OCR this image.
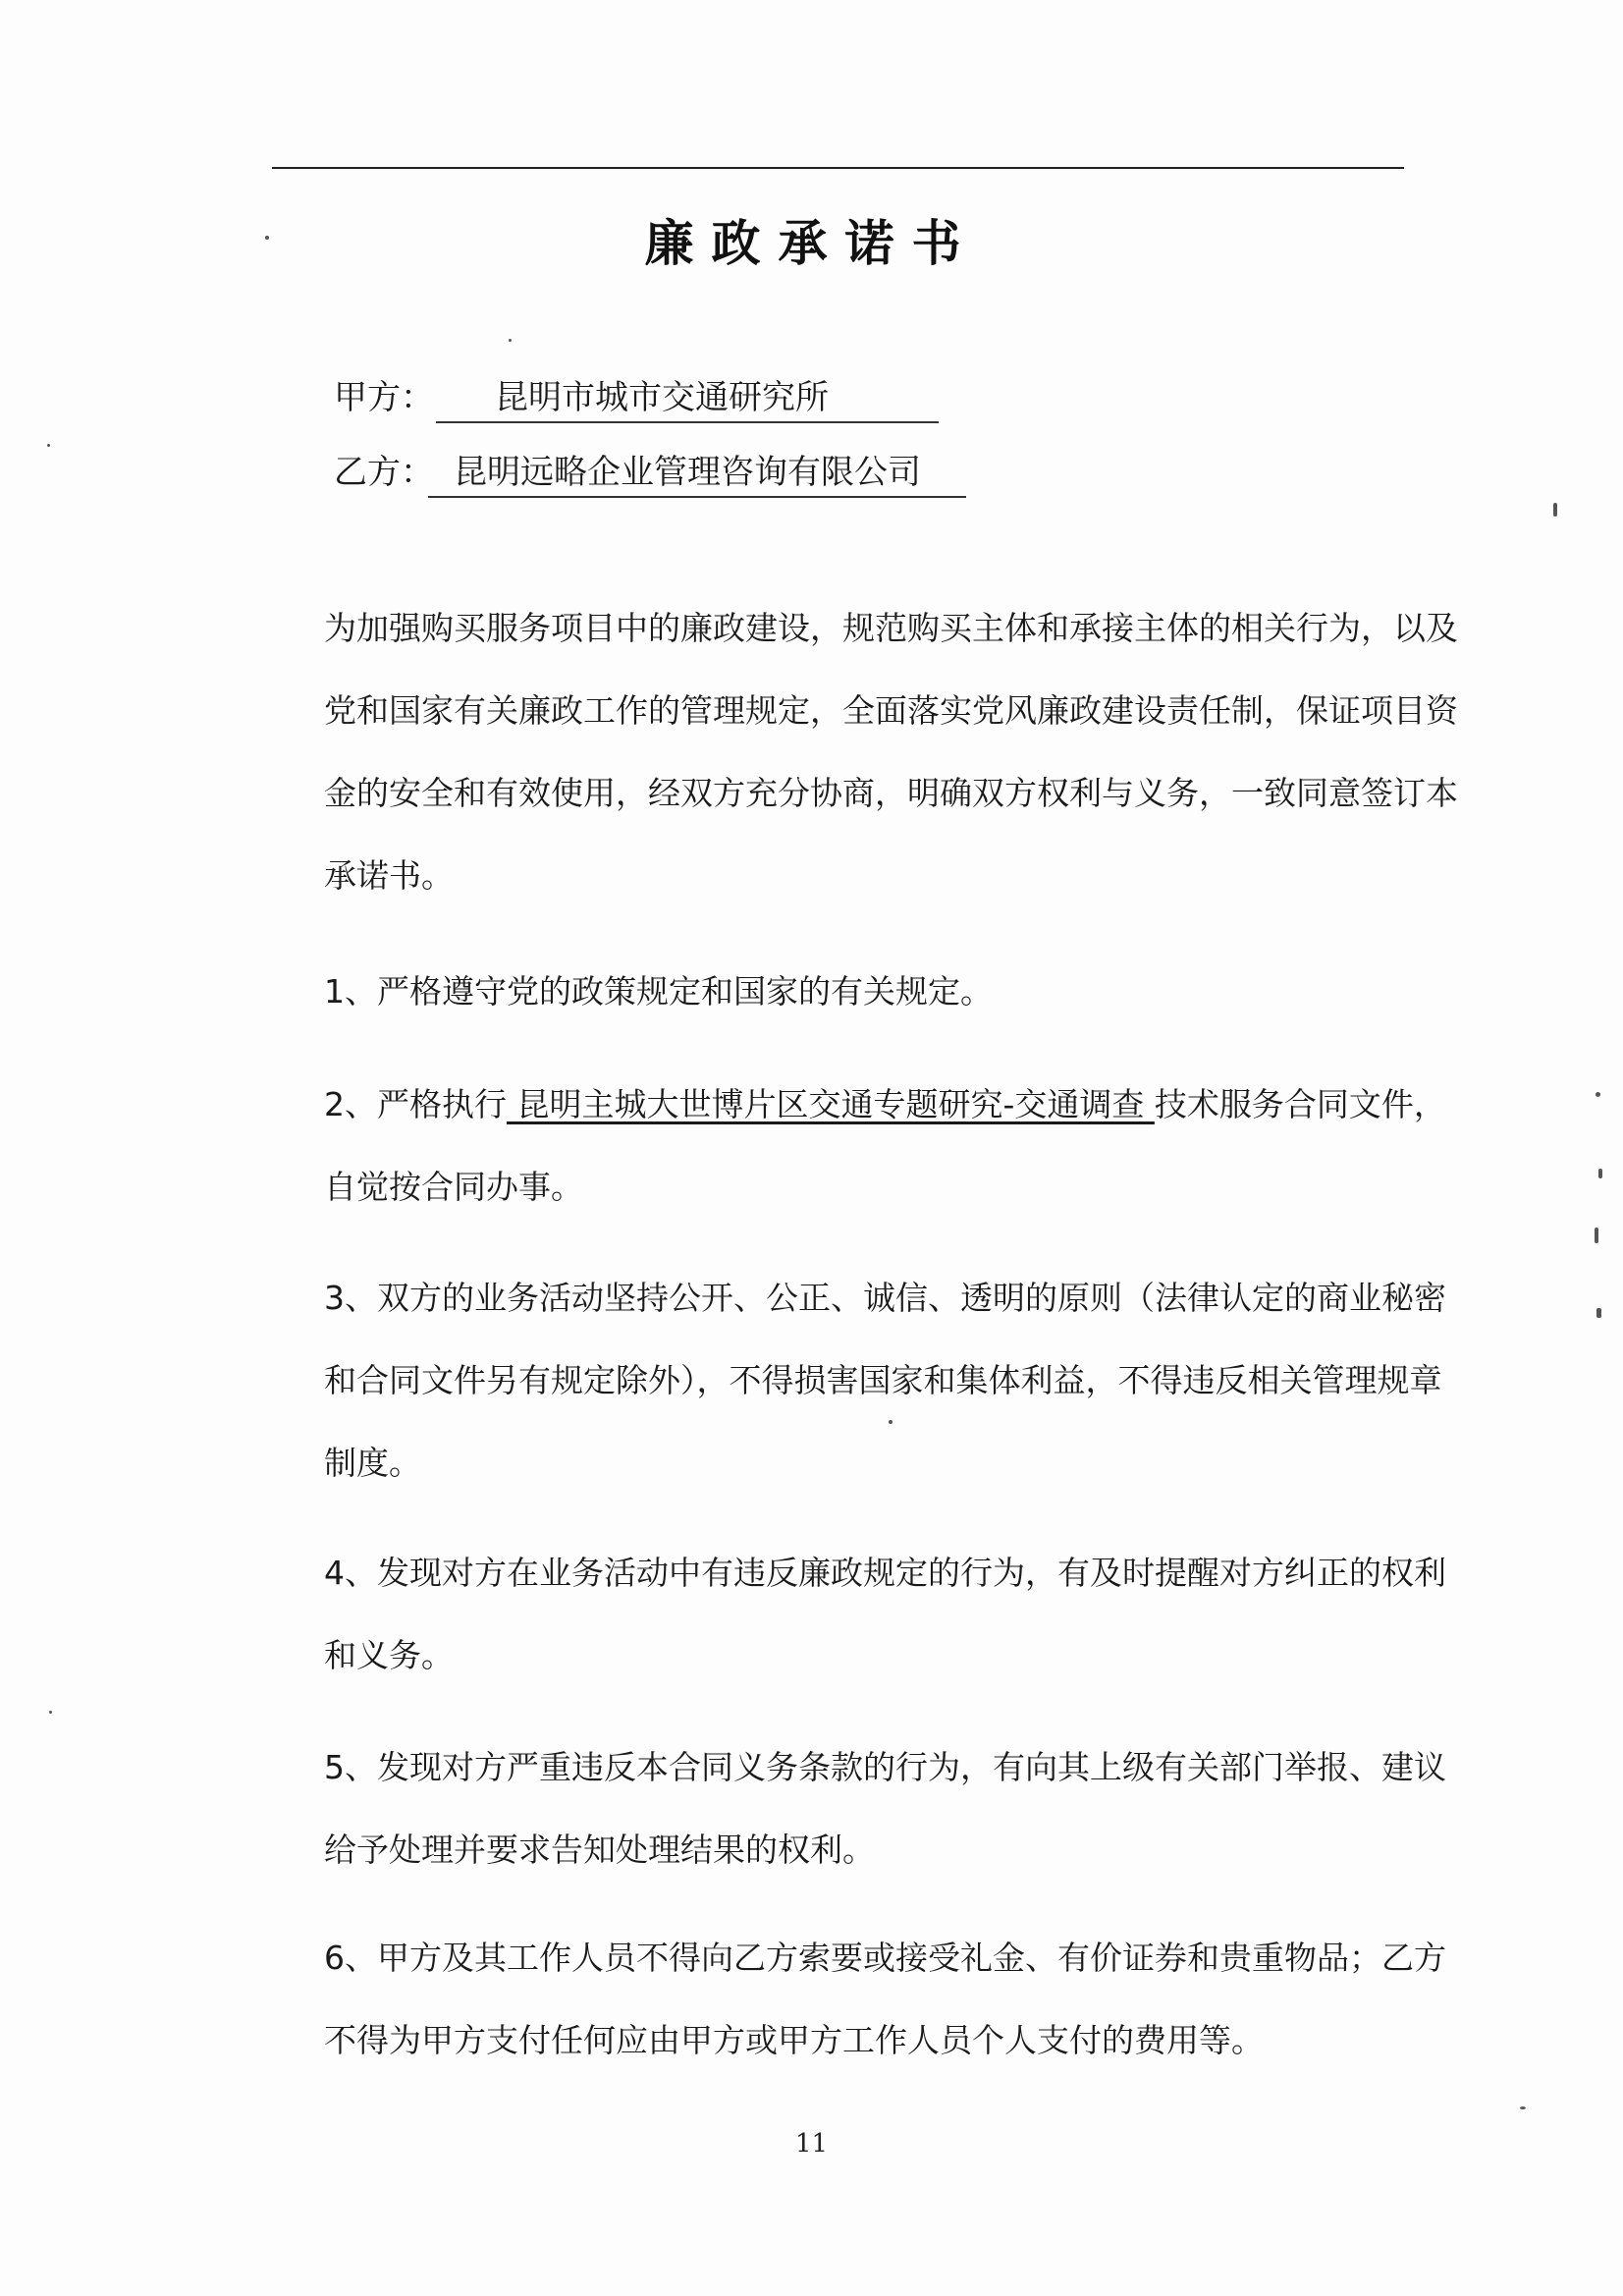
廉政承诺书
甲方： 昆明市城市交通研究所
乙方： 昆明远略企业管理咨询有限公司

为加强购买服务项目中的廉政建设，规范购买主体和承接主体的相关行为，以及党和国家有关廉政工作的管理规定，全面落实党风廉政建设责任制，保证项目资金的安全和有效使用，经双方充分协商，明确双方权利与义务，一致同意签订本承诺书。

1、严格遵守党的政策规定和国家的有关规定。

2、严格执行 昆明主城大世博片区交通专题研究-交通调查 技术服务合同文件，自觉按合同办事。

3、双方的业务活动坚持公开、公正、诚信、透明的原则（法律认定的商业秘密和合同文件另有规定除外），不得损害国家和集体利益，不得违反相关管理规章制度。

4、发现对方在业务活动中有违反廉政规定的行为，有及时提醒对方纠正的权利和义务。

5、发现对方严重违反本合同义务条款的行为，有向其上级有关部门举报、建议给予处理并要求告知处理结果的权利。

6、甲方及其工作人员不得向乙方索要或接受礼金、有价证券和贵重物品；乙方不得为甲方支付任何应由甲方或甲方工作人员个人支付的费用等。

11
